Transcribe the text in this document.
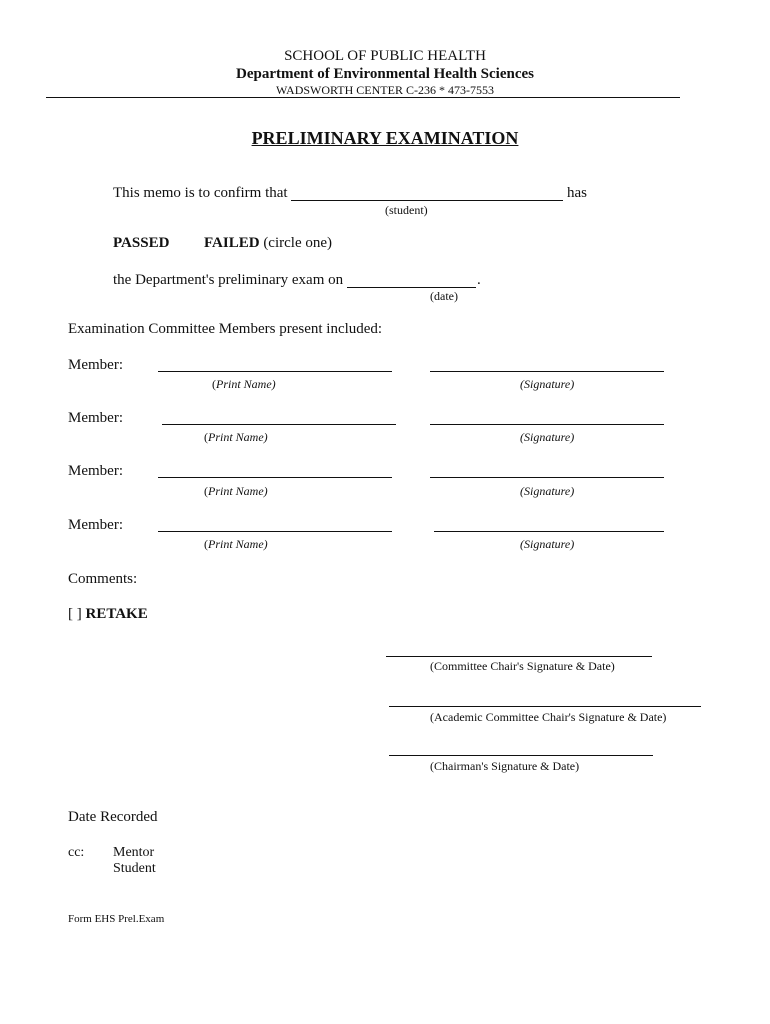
SCHOOL OF PUBLIC HEALTH
Department of Environmental Health Sciences
WADSWORTH CENTER C-236 * 473-7553
PRELIMINARY EXAMINATION
This memo is to confirm that	has
(student)
PASSED FAILED (circle one)
the Department's preliminary exam on	.
(date)
Examination Committee Members present included:
Member:
(Print Name)	(Signature)
Member:
(Print Name)	(Signature)
Member:
(Print Name)	(Signature)
Member:
(Print Name)	(Signature)
Comments:
[ ] RETAKE
(Committee Chair's Signature & Date)
(Academic Committee Chair's Signature & Date)
(Chairman's Signature & Date)
Date Recorded
cc: Mentor
Student
Form EHS Prel.Exam
